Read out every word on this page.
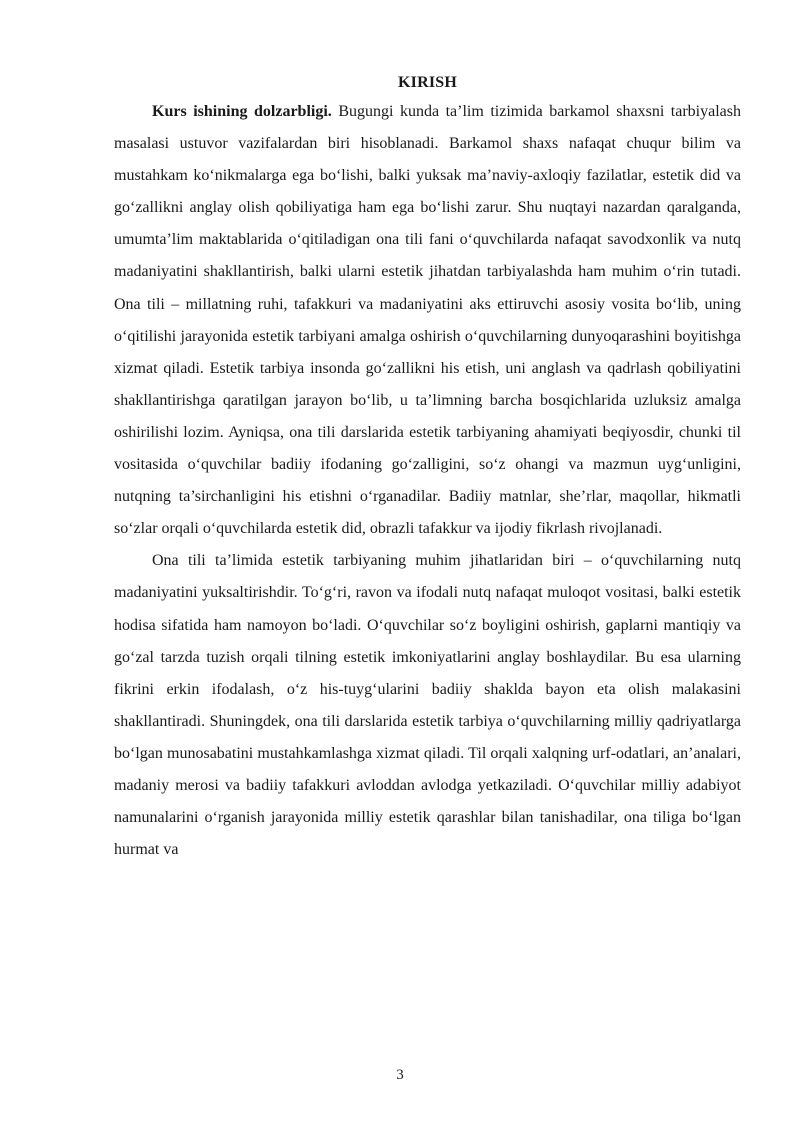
KIRISH

Kurs ishining dolzarbligi. Bugungi kunda ta’lim tizimida barkamol shaxsni tarbiyalash masalasi ustuvor vazifalardan biri hisoblanadi. Barkamol shaxs nafaqat chuqur bilim va mustahkam ko‘nikmalarga ega bo‘lishi, balki yuksak ma’naviy-axloqiy fazilatlar, estetik did va go‘zallikni anglay olish qobiliyatiga ham ega bo‘lishi zarur. Shu nuqtayi nazardan qaralganda, umumta’lim maktablarida o‘qitiladigan ona tili fani o‘quvchilarda nafaqat savodxonlik va nutq madaniyatini shakllantirish, balki ularni estetik jihatdan tarbiyalashda ham muhim o‘rin tutadi. Ona tili – millatning ruhi, tafakkuri va madaniyatini aks ettiruvchi asosiy vosita bo‘lib, uning o‘qitilishi jarayonida estetik tarbiyani amalga oshirish o‘quvchilarning dunyoqarashini boyitishga xizmat qiladi. Estetik tarbiya insonda go‘zallikni his etish, uni anglash va qadrlash qobiliyatini shakllantirishga qaratilgan jarayon bo‘lib, u ta’limning barcha bosqichlarida uzluksiz amalga oshirilishi lozim. Ayniqsa, ona tili darslarida estetik tarbiyaning ahamiyati beqiyosdir, chunki til vositasida o‘quvchilar badiiy ifodaning go‘zalligini, so‘z ohangi va mazmun uyg‘unligini, nutqning ta’sirchanligini his etishni o‘rganadilar. Badiiy matnlar, she’rlar, maqollar, hikmatli so‘zlar orqali o‘quvchilarda estetik did, obrazli tafakkur va ijodiy fikrlash rivojlanadi.

Ona tili ta’limida estetik tarbiyaning muhim jihatlaridan biri – o‘quvchilarning nutq madaniyatini yuksaltirishdir. To‘g‘ri, ravon va ifodali nutq nafaqat muloqot vositasi, balki estetik hodisa sifatida ham namoyon bo‘ladi. O‘quvchilar so‘z boyligini oshirish, gaplarni mantiqiy va go‘zal tarzda tuzish orqali tilning estetik imkoniyatlarini anglay boshlaydilar. Bu esa ularning fikrini erkin ifodalash, o‘z his-tuyg‘ularini badiiy shaklda bayon eta olish malakasini shakllantiradi. Shuningdek, ona tili darslarida estetik tarbiya o‘quvchilarning milliy qadriyatlarga bo‘lgan munosabatini mustahkamlashga xizmat qiladi. Til orqali xalqning urf-odatlari, an’analari, madaniy merosi va badiiy tafakkuri avloddan avlodga yetkaziladi. O‘quvchilar milliy adabiyot namunalarini o‘rganish jarayonida milliy estetik qarashlar bilan tanishadilar, ona tiliga bo‘lgan hurmat va

3
